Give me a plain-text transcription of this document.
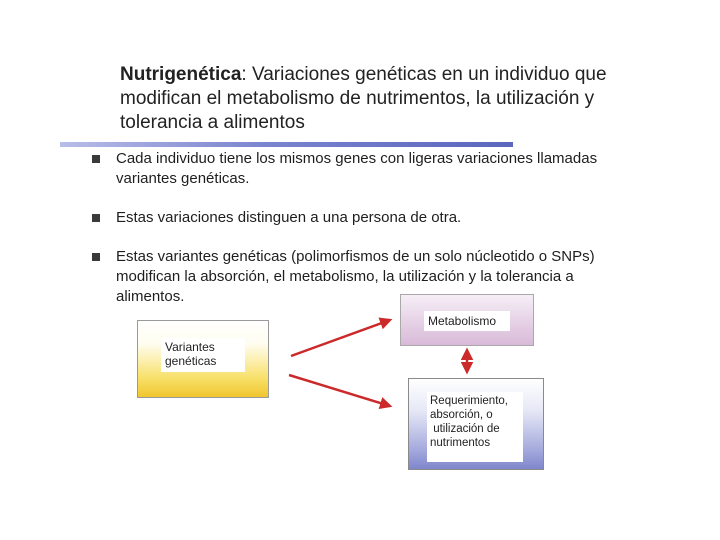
Nutrigenética: Variaciones genéticas en un individuo que modifican el metabolismo de nutrimentos, la utilización y tolerancia a alimentos
Cada individuo tiene los mismos genes con ligeras variaciones llamadas variantes genéticas.
Estas variaciones distinguen a una persona de otra.
Estas variantes genéticas (polimorfismos de un solo núcleotido o SNPs) modifican la absorción, el metabolismo, la utilización y la tolerancia a alimentos.
Variantes genéticas
Metabolismo
Requerimiento,
absorción, o
utilización de
nutrimentos
